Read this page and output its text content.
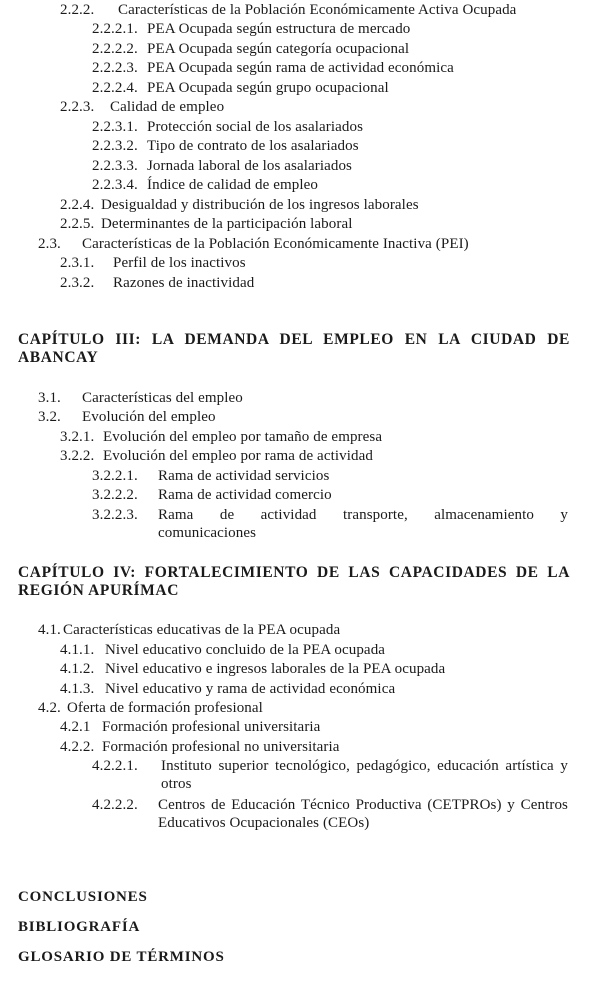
2.2.2. Características de la Población Económicamente Activa Ocupada

2.2.2.1. PEA Ocupada según estructura de mercado

2.2.2.2. PEA Ocupada según categoría ocupacional

2.2.2.3. PEA Ocupada según rama de actividad económica

2.2.2.4. PEA Ocupada según grupo ocupacional

2.2.3. Calidad de empleo

2.2.3.1. Protección social de los asalariados

2.2.3.2. Tipo de contrato de los asalariados

2.2.3.3. Jornada laboral de los asalariados

2.2.3.4. Índice de calidad de empleo

2.2.4. Desigualdad y distribución de los ingresos laborales

2.2.5. Determinantes de la participación laboral

2.3. Características de la Población Económicamente Inactiva (PEI)

2.3.1. Perfil de los inactivos

2.3.2. Razones de inactividad

CAPÍTULO III: LA DEMANDA DEL EMPLEO EN LA CIUDAD DE ABANCAY

3.1. Características del empleo

3.2. Evolución del empleo

3.2.1. Evolución del empleo por tamaño de empresa

3.2.2. Evolución del empleo por rama de actividad

3.2.2.1. Rama de actividad servicios

3.2.2.2. Rama de actividad comercio

3.2.2.3.	Rama de actividad transporte, almacenamiento y comunicaciones
CAPÍTULO IV: FORTALECIMIENTO DE LAS CAPACIDADES DE LA REGIÓN APURÍMAC

4.1. Características educativas de la PEA ocupada

4.1.1. Nivel educativo concluido de la PEA ocupada

4.1.2. Nivel educativo e ingresos laborales de la PEA ocupada

4.1.3. Nivel educativo y rama de actividad económica

4.2. Oferta de formación profesional

4.2.1 Formación profesional universitaria

4.2.2. Formación profesional no universitaria

4.2.2.1.	Instituto superior tecnológico, pedagógico, educación artística y otros
4.2.2.2.	Centros de Educación Técnico Productiva (CETPROs) y Centros Educativos Ocupacionales (CEOs)

CONCLUSIONES

BIBLIOGRAFÍA

GLOSARIO DE TÉRMINOS
